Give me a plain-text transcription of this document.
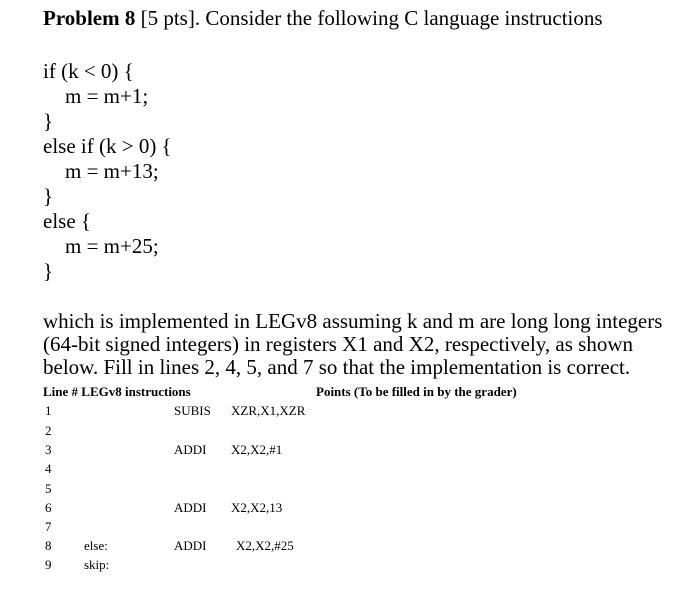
Problem 8 [5 pts]. Consider the following C language instructions
if (k < 0) {
m = m+1;
}
else if (k > 0) {
m = m+13;
}
else {
m = m+25;
}
which is implemented in LEGv8 assuming k and m are long long integers
(64-bit signed integers) in registers X1 and X2, respectively, as shown
below. Fill in lines 2, 4, 5, and 7 so that the implementation is correct.
Line # LEGv8 instructions	Points (To be filled in by the grader)
1	SUBIS XZR,X1,XZR
2
3	ADDI X2,X2,#1
4
5
6	ADDI X2,X2,13
7
8	else:	ADDI X2,X2,#25
9	skip:
